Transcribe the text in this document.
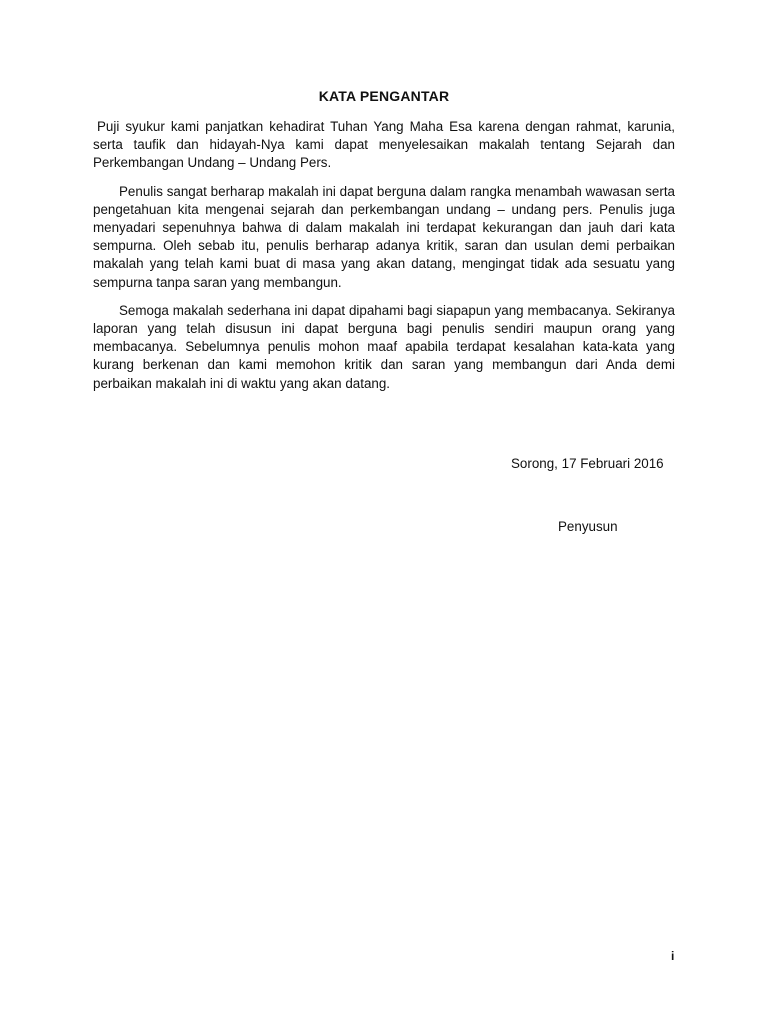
KATA PENGANTAR

Puji syukur kami panjatkan kehadirat Tuhan Yang Maha Esa karena dengan rahmat, karunia, serta taufik dan hidayah-Nya kami dapat menyelesaikan makalah tentang Sejarah dan Perkembangan Undang – Undang Pers.

Penulis sangat berharap makalah ini dapat berguna dalam rangka menambah wawasan serta pengetahuan kita mengenai sejarah dan perkembangan undang – undang pers. Penulis juga menyadari sepenuhnya bahwa di dalam makalah ini terdapat kekurangan dan jauh dari kata sempurna. Oleh sebab itu, penulis berharap adanya kritik, saran dan usulan demi perbaikan makalah yang telah kami buat di masa yang akan datang, mengingat tidak ada sesuatu yang sempurna tanpa saran yang membangun.

Semoga makalah sederhana ini dapat dipahami bagi siapapun yang membacanya. Sekiranya laporan yang telah disusun ini dapat berguna bagi penulis sendiri maupun orang yang membacanya. Sebelumnya penulis mohon maaf apabila terdapat kesalahan kata-kata yang kurang berkenan dan kami memohon kritik dan saran yang membangun dari Anda demi perbaikan makalah ini di waktu yang akan datang.

Sorong, 17 Februari 2016
Penyusun
i
